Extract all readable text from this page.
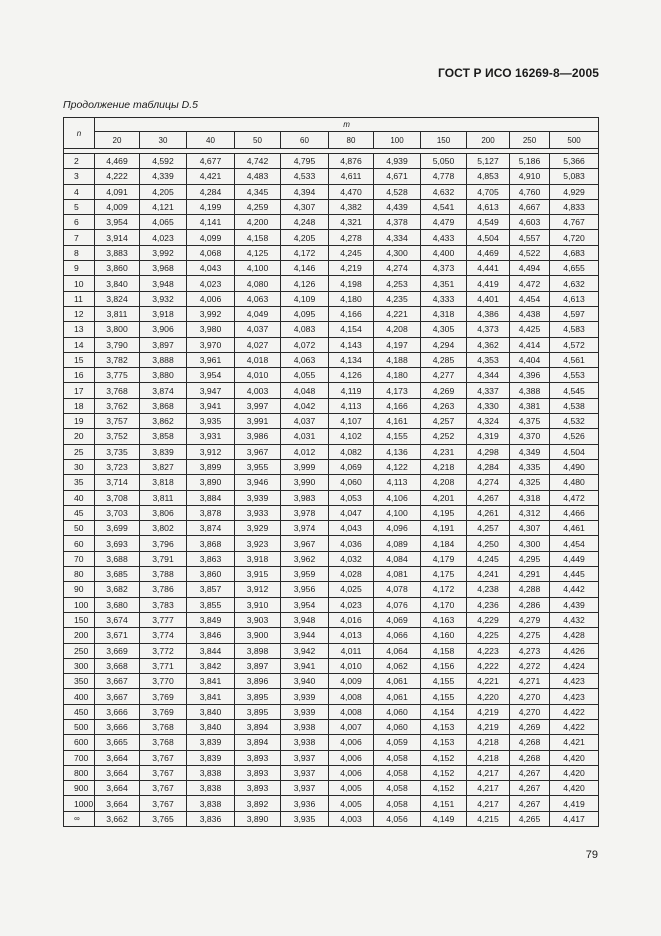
ГОСТ Р ИСО 16269-8—2005
Продолжение таблицы D.5
n	m										
	20	30	40	50	60	80	100	150	200	250	500

2	4,469	4,592	4,677	4,742	4,795	4,876	4,939	5,050	5,127	5,186	5,366
3	4,222	4,339	4,421	4,483	4,533	4,611	4,671	4,778	4,853	4,910	5,083
4	4,091	4,205	4,284	4,345	4,394	4,470	4,528	4,632	4,705	4,760	4,929
5	4,009	4,121	4,199	4,259	4,307	4,382	4,439	4,541	4,613	4,667	4,833
6	3,954	4,065	4,141	4,200	4,248	4,321	4,378	4,479	4,549	4,603	4,767
7	3,914	4,023	4,099	4,158	4,205	4,278	4,334	4,433	4,504	4,557	4,720
8	3,883	3,992	4,068	4,125	4,172	4,245	4,300	4,400	4,469	4,522	4,683
9	3,860	3,968	4,043	4,100	4,146	4,219	4,274	4,373	4,441	4,494	4,655
10	3,840	3,948	4,023	4,080	4,126	4,198	4,253	4,351	4,419	4,472	4,632
11	3,824	3,932	4,006	4,063	4,109	4,180	4,235	4,333	4,401	4,454	4,613
12	3,811	3,918	3,992	4,049	4,095	4,166	4,221	4,318	4,386	4,438	4,597
13	3,800	3,906	3,980	4,037	4,083	4,154	4,208	4,305	4,373	4,425	4,583
14	3,790	3,897	3,970	4,027	4,072	4,143	4,197	4,294	4,362	4,414	4,572
15	3,782	3,888	3,961	4,018	4,063	4,134	4,188	4,285	4,353	4,404	4,561
16	3,775	3,880	3,954	4,010	4,055	4,126	4,180	4,277	4,344	4,396	4,553
17	3,768	3,874	3,947	4,003	4,048	4,119	4,173	4,269	4,337	4,388	4,545
18	3,762	3,868	3,941	3,997	4,042	4,113	4,166	4,263	4,330	4,381	4,538
19	3,757	3,862	3,935	3,991	4,037	4,107	4,161	4,257	4,324	4,375	4,532
20	3,752	3,858	3,931	3,986	4,031	4,102	4,155	4,252	4,319	4,370	4,526
25	3,735	3,839	3,912	3,967	4,012	4,082	4,136	4,231	4,298	4,349	4,504
30	3,723	3,827	3,899	3,955	3,999	4,069	4,122	4,218	4,284	4,335	4,490
35	3,714	3,818	3,890	3,946	3,990	4,060	4,113	4,208	4,274	4,325	4,480
40	3,708	3,811	3,884	3,939	3,983	4,053	4,106	4,201	4,267	4,318	4,472
45	3,703	3,806	3,878	3,933	3,978	4,047	4,100	4,195	4,261	4,312	4,466
50	3,699	3,802	3,874	3,929	3,974	4,043	4,096	4,191	4,257	4,307	4,461
60	3,693	3,796	3,868	3,923	3,967	4,036	4,089	4,184	4,250	4,300	4,454
70	3,688	3,791	3,863	3,918	3,962	4,032	4,084	4,179	4,245	4,295	4,449
80	3,685	3,788	3,860	3,915	3,959	4,028	4,081	4,175	4,241	4,291	4,445
90	3,682	3,786	3,857	3,912	3,956	4,025	4,078	4,172	4,238	4,288	4,442
100	3,680	3,783	3,855	3,910	3,954	4,023	4,076	4,170	4,236	4,286	4,439
150	3,674	3,777	3,849	3,903	3,948	4,016	4,069	4,163	4,229	4,279	4,432
200	3,671	3,774	3,846	3,900	3,944	4,013	4,066	4,160	4,225	4,275	4,428
250	3,669	3,772	3,844	3,898	3,942	4,011	4,064	4,158	4,223	4,273	4,426
300	3,668	3,771	3,842	3,897	3,941	4,010	4,062	4,156	4,222	4,272	4,424
350	3,667	3,770	3,841	3,896	3,940	4,009	4,061	4,155	4,221	4,271	4,423
400	3,667	3,769	3,841	3,895	3,939	4,008	4,061	4,155	4,220	4,270	4,423
450	3,666	3,769	3,840	3,895	3,939	4,008	4,060	4,154	4,219	4,270	4,422
500	3,666	3,768	3,840	3,894	3,938	4,007	4,060	4,153	4,219	4,269	4,422
600	3,665	3,768	3,839	3,894	3,938	4,006	4,059	4,153	4,218	4,268	4,421
700	3,664	3,767	3,839	3,893	3,937	4,006	4,058	4,152	4,218	4,268	4,420
800	3,664	3,767	3,838	3,893	3,937	4,006	4,058	4,152	4,217	4,267	4,420
900	3,664	3,767	3,838	3,893	3,937	4,005	4,058	4,152	4,217	4,267	4,420
1000	3,664	3,767	3,838	3,892	3,936	4,005	4,058	4,151	4,217	4,267	4,419
∞	3,662	3,765	3,836	3,890	3,935	4,003	4,056	4,149	4,215	4,265	4,417
79
